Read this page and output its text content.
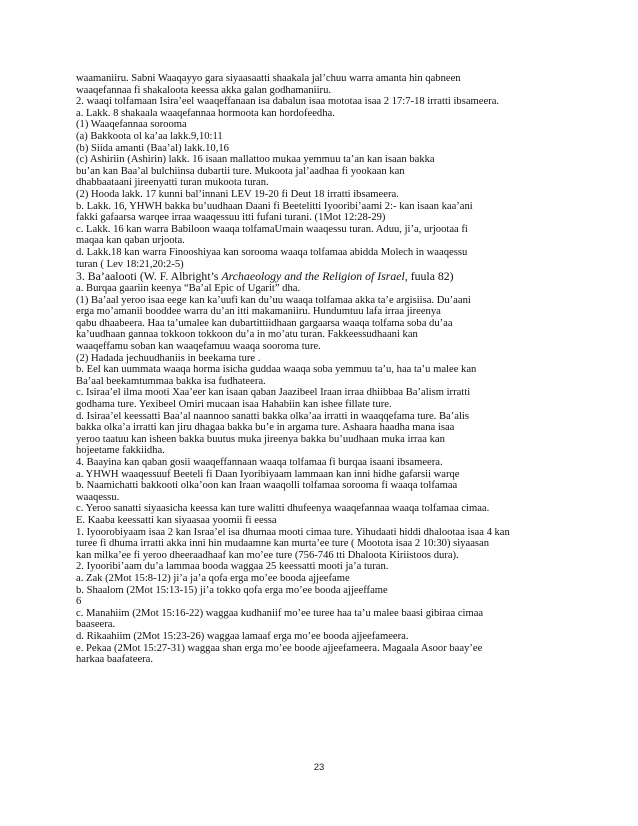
waamaniiru. Sabni Waaqayyo gara siyaasaatti shaakala jal’chuu warra amanta hin qabneen
waaqefannaa fi shakaloota keessa akka galan godhamaniiru.
2. waaqi tolfamaan Isira’eel waaqeffanaan isa dabalun isaa mototaa isaa 2 17:7-18 irratti ibsameera.
a. Lakk. 8 shakaala waaqefannaa hormoota kan hordofeedha.
(1) Waaqefannaa sorooma
(a) Bakkoota ol ka’aa lakk.9,10:11
(b) Siida amanti (Baa’al) lakk.10,16
(c) Ashiriin (Ashirin) lakk. 16 isaan mallattoo mukaa yemmuu ta’an kan isaan bakka
bu’an kan Baa’al bulchiinsa dubartii ture. Mukoota jal’aadhaa fi yookaan kan
dhabbaataani jireenyatti turan mukoota turan.
(2) Hooda lakk. 17 kunni bal’innani LEV 19-20 fi Deut 18 irratti ibsameera.
b. Lakk. 16, YHWH bakka bu’uudhaan Daani fi Beetelitti Iyooribi’aami 2:- kan isaan kaa’ani
fakki gafaarsa warqee irraa waaqessuu itti fufani turani. (1Mot 12:28-29)
c. Lakk. 16 kan warra Babiloon waaqa tolfamaUmain waaqessu turan. Aduu, ji’a, urjootaa fi
maqaa kan qaban urjoota.
d. Lakk.18 kan warra Finooshiyaa kan sorooma waaqa tolfamaa abidda Molech in waaqessu
turan ( Lev 18:21,20:2-5)
3. Ba’aalooti (W. F. Albright’s Archaeology and the Religion of Israel, fuula 82)
a. Burqaa gaariin keenya “Ba’al Epic of Ugarit” dha.
(1) Ba’aal yeroo isaa eege kan ka’uufi kan du’uu waaqa tolfamaa akka ta’e argisiisa. Du’aani
erga mo’amanii booddee warra du’an itti makamaniiru. Hundumtuu lafa irraa jireenya
qabu dhaabeera. Haa ta’umalee kan dubartittiidhaan gargaarsa waaqa tolfama soba du’aa
ka’uudhaan gannaa tokkoon tokkoon du’a in mo’atu turan. Fakkeessudhaani kan
waaqeffamu soban kan waaqefamuu waaqa sooroma ture.
(2) Hadada jechuudhaniis in beekama ture .
b. Eel kan uummata waaqa horma isicha guddaa waaqa soba yemmuu ta’u, haa ta’u malee kan
Ba’aal beekamtummaa bakka isa fudhateera.
c. Isiraa’el ilma mooti Xaa’eer kan isaan qaban Jaazibeel Iraan irraa dhiibbaa Ba’alism irratti
godhama ture. Yexibeel Omiri mucaan isaa Hahabiin kan ishee fillate ture.
d. Isiraa’el keessatti Baa’al naannoo sanatti bakka olka’aa irratti in waaqqefama ture. Ba’alis
bakka olka’a irratti kan jiru dhagaa bakka bu’e in argama ture. Ashaara haadha mana isaa
yeroo taatuu kan isheen bakka buutus muka jireenya bakka bu’uudhaan muka irraa kan
hojeetame fakkiidha.
4. Baayina kan qaban gosii waaqeffannaan waaqa tolfamaa fi burqaa isaani ibsameera.
a. YHWH waaqessuuf Beeteli fi Daan Iyoribiyaam lammaan kan inni hidhe gafarsii warqe
b. Naamichatti bakkooti olka’oon kan Iraan waaqolli tolfamaa sorooma fi waaqa tolfamaa
waaqessu.
c. Yeroo sanatti siyaasicha keessa kan ture walitti dhufeenya waaqefannaa waaqa tolfamaa cimaa.
E. Kaaba keessatti kan siyaasaa yoomii fi eessa
1. Iyoorobiyaam isaa 2 kan Israa’el isa dhumaa mooti cimaa ture. Yihudaati hiddi dhalootaa isaa 4 kan
turee fi dhuma irratti akka inni hin mudaamne kan murta’ee ture ( Mootota isaa 2 10:30) siyaasan
kan milka’ee fi yeroo dheeraadhaaf kan mo’ee ture (756-746 tti Dhaloota Kiriistoos dura).
2. Iyooribi’aam du’a lammaa booda waggaa 25 keessatti mooti ja’a turan.
a. Zak (2Mot 15:8-12) ji’a ja’a qofa erga mo’ee booda ajjeefame
b. Shaalom (2Mot 15:13-15) ji’a tokko qofa erga mo’ee booda ajjeeffame
6
c. Manahiim (2Mot 15:16-22) waggaa kudhaniif mo’ee turee haa ta’u malee baasi gibiraa cimaa
baaseera.
d. Rikaahiim (2Mot 15:23-26) waggaa lamaaf erga mo’ee booda ajjeefameera.
e. Pekaa (2Mot 15:27-31) waggaa shan erga mo’ee boode ajjeefameera. Magaala Asoor baay’ee
harkaa baafateera.
23
